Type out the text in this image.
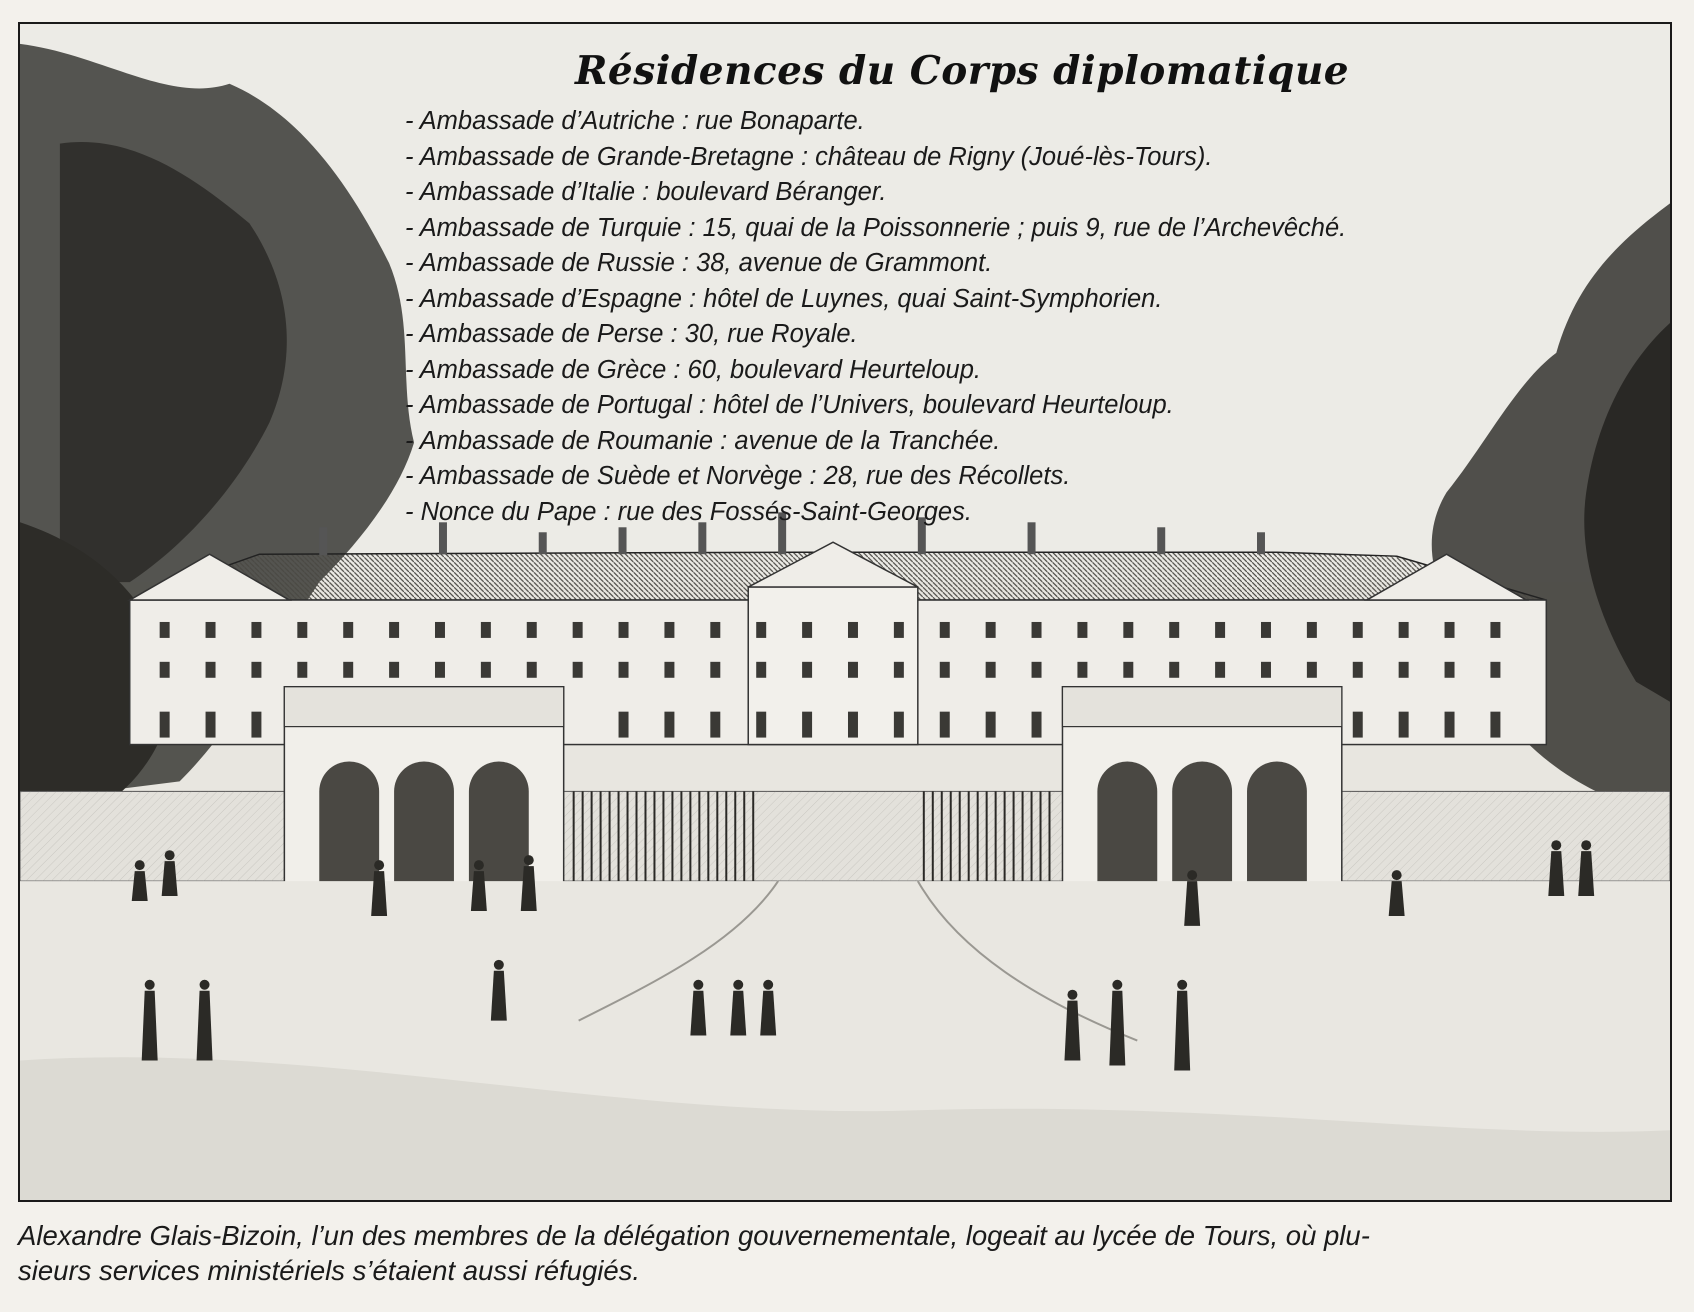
Résidences du Corps diplomatique
- Ambassade d’Autriche : rue Bonaparte.
- Ambassade de Grande-Bretagne : château de Rigny (Joué-lès-Tours).
- Ambassade d’Italie : boulevard Béranger.
- Ambassade de Turquie : 15, quai de la Poissonnerie ; puis 9, rue de l’Archevêché.
- Ambassade de Russie : 38, avenue de Grammont.
- Ambassade d’Espagne : hôtel de Luynes, quai Saint-Symphorien.
- Ambassade de Perse : 30, rue Royale.
- Ambassade de Grèce : 60, boulevard Heurteloup.
- Ambassade de Portugal : hôtel de l’Univers, boulevard Heurteloup.
- Ambassade de Roumanie : avenue de la Tranchée.
- Ambassade de Suède et Norvège : 28, rue des Récollets.
- Nonce du Pape : rue des Fossés-Saint-Georges.

Alexandre Glais-Bizoin, l’un des membres de la délégation gouvernementale, logeait au lycée de Tours, où plu-
sieurs services ministériels s’étaient aussi réfugiés.
